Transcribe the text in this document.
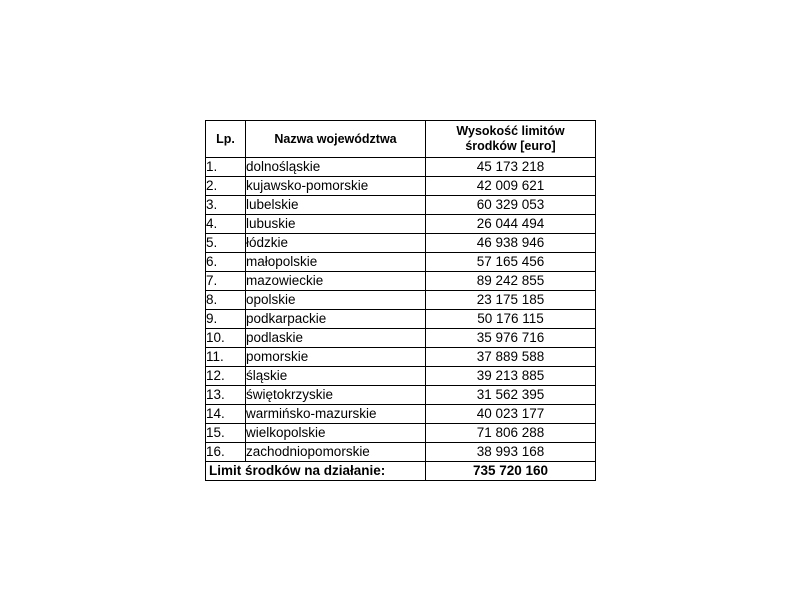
Lp.	Nazwa województwa	Wysokość limitów
środków [euro]

1.	dolnośląskie	45 173 218
2.	kujawsko-pomorskie	42 009 621
3.	lubelskie	60 329 053
4.	lubuskie	26 044 494
5.	łódzkie	46 938 946
6.	małopolskie	57 165 456
7.	mazowieckie	89 242 855
8.	opolskie	23 175 185
9.	podkarpackie	50 176 115
10.	podlaskie	35 976 716
11.	pomorskie	37 889 588
12.	śląskie	39 213 885
13.	świętokrzyskie	31 562 395
14.	warmińsko-mazurskie	40 023 177
15.	wielkopolskie	71 806 288
16.	zachodniopomorskie	38 993 168
Limit środków na działanie:		735 720 160
